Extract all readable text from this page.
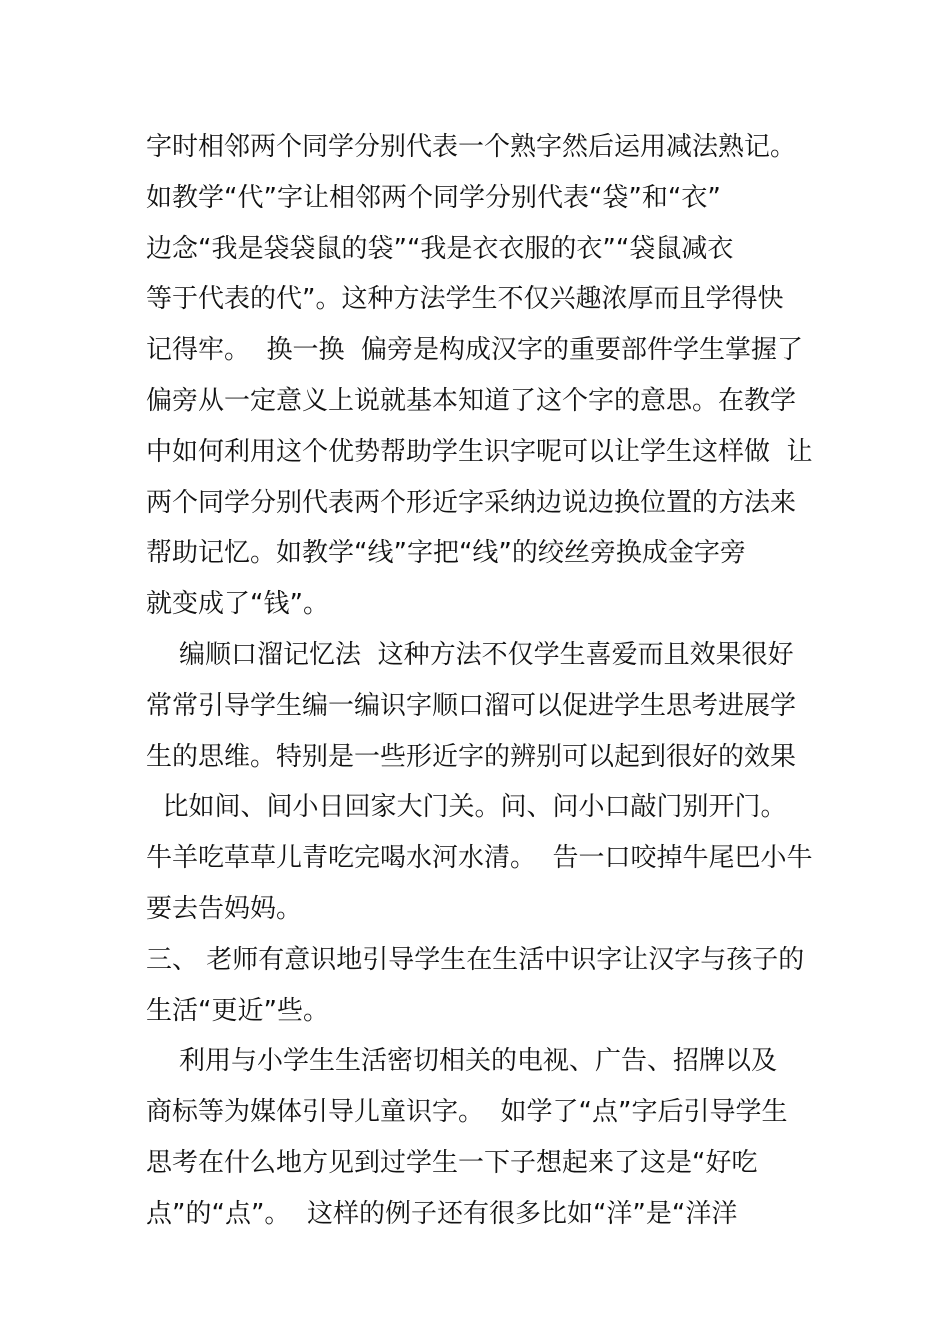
字时相邻两个同学分别代表一个熟字然后运用减法熟记。
如教学“代”字让相邻两个同学分别代表“袋”和“衣”
边念“我是袋袋鼠的袋”“我是衣衣服的衣”“袋鼠减衣
等于代表的代”。这种方法学生不仅兴趣浓厚而且学得快
记得牢。  换一换  偏旁是构成汉字的重要部件学生掌握了
偏旁从一定意义上说就基本知道了这个字的意思。在教学
中如何利用这个优势帮助学生识字呢可以让学生这样做  让
两个同学分别代表两个形近字采纳边说边换位置的方法来
帮助记忆。如教学“线”字把“线”的绞丝旁换成金字旁
就变成了“钱”。
编顺口溜记忆法  这种方法不仅学生喜爱而且效果很好
常常引导学生编一编识字顺口溜可以促进学生思考进展学
生的思维。特别是一些形近字的辨别可以起到很好的效果
比如间、间小日回家大门关。问、问小口敲门别开门。
牛羊吃草草儿青吃完喝水河水清。  告一口咬掉牛尾巴小牛
要去告妈妈。
三、 老师有意识地引导学生在生活中识字让汉字与孩子的
生活“更近”些。
利用与小学生生活密切相关的电视、广告、招牌以及
商标等为媒体引导儿童识字。  如学了“点”字后引导学生
思考在什么地方见到过学生一下子想起来了这是“好吃
点”的“点”。  这样的例子还有很多比如“洋”是“洋洋
